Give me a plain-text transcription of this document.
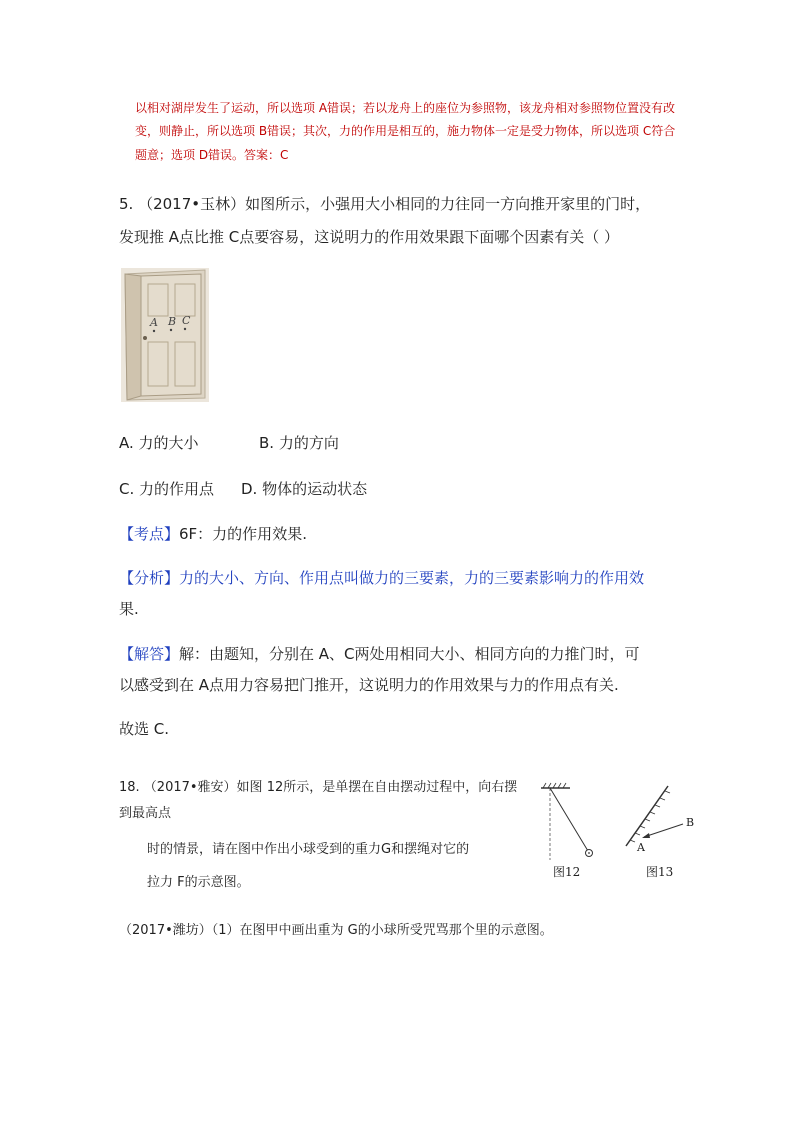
以相对湖岸发生了运动，所以选项 A错误；若以龙舟上的座位为参照物，该龙舟相对参照物位置没有改
变，则静止，所以选项 B错误；其次，力的作用是相互的，施力物体一定是受力物体，所以选项 C符合
题意；选项 D错误。答案：C
5. （2017•玉林）如图所示，小强用大小相同的力往同一方向推开家里的门时，
发现推 A点比推 C点要容易，这说明力的作用效果跟下面哪个因素有关（ ）
A B C
A. 力的大小	B. 力的方向
C. 力的作用点 D. 物体的运动状态
【考点】6F：力的作用效果.
【分析】力的大小、方向、作用点叫做力的三要素，力的三要素影响力的作用效
果.
【解答】解：由题知，分别在 A、C两处用相同大小、相同方向的力推门时，可
以感受到在 A点用力容易把门推开，这说明力的作用效果与力的作用点有关.
故选 C.
18. （2017•雅安）如图 12所示，是单摆在自由摆动过程中，向右摆
到最高点
时的情景，请在图中作出小球受到的重力G和摆绳对它的
拉力 F的示意图。
图12
A
B
图13
（2017•潍坊）（1）在图甲中画出重为 G的小球所受咒骂那个里的示意图。
